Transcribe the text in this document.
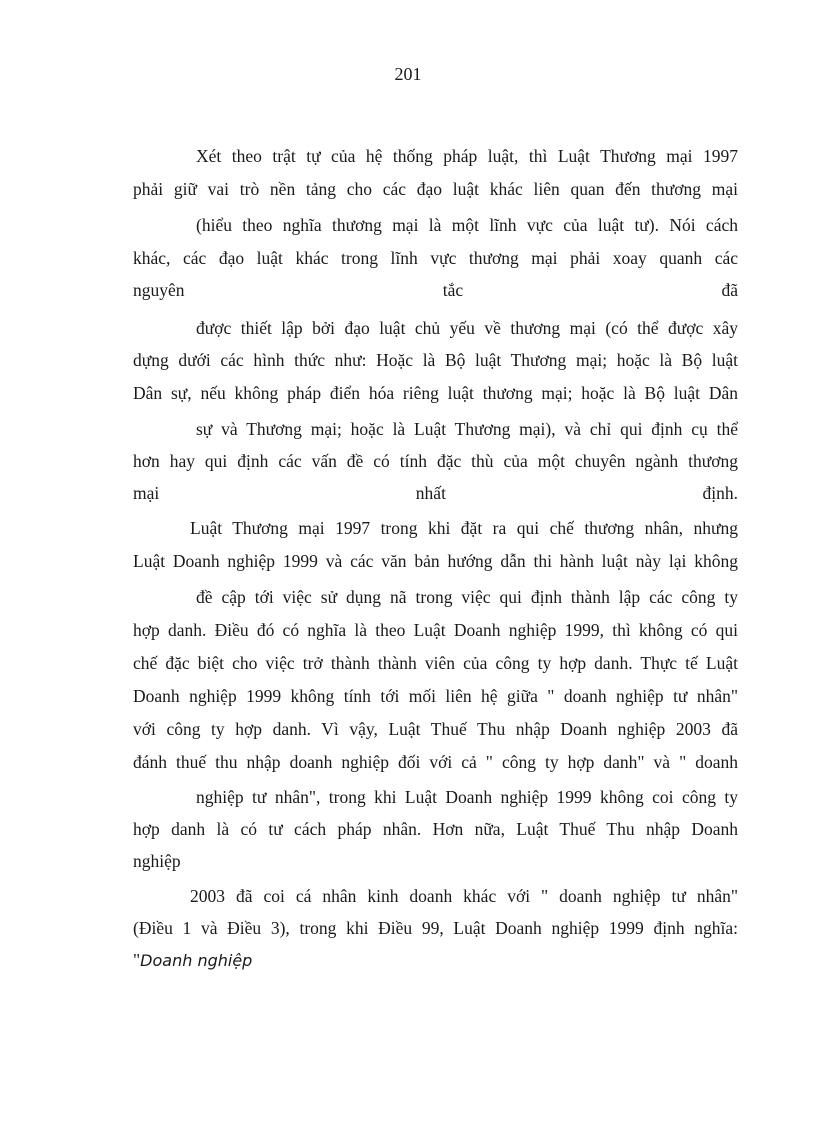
201
Xét theo trật tự của hệ thống pháp luật, thì Luật Thương mại 1997
phải giữ vai trò nền tảng cho các đạo luật khác liên quan đến thương mại
(hiểu theo nghĩa thương mại là một lĩnh vực của luật tư). Nói cách
khác, các đạo luật khác trong lĩnh vực thương mại phải xoay quanh các
nguyên	tắc	đã
được thiết lập bởi đạo luật chủ yếu về thương mại (có thể được xây
dựng dưới các hình thức như: Hoặc là Bộ luật Thương mại; hoặc là Bộ luật
Dân sự, nếu không pháp điển hóa riêng luật thương mại; hoặc là Bộ luật Dân
sự và Thương mại; hoặc là Luật Thương mại), và chỉ qui định cụ thể
hơn hay qui định các vấn đề có tính đặc thù của một chuyên ngành thương
mại	nhất	định.
Luật Thương mại 1997 trong khi đặt ra qui chế thương nhân, nhưng
Luật Doanh nghiệp 1999 và các văn bản hướng dẫn thi hành luật này lại không
đề cập tới việc sử dụng nã trong việc qui định thành lập các công ty
hợp danh. Điều đó có nghĩa là theo Luật Doanh nghiệp 1999, thì không có qui
chế đặc biệt cho việc trở thành thành viên của công ty hợp danh. Thực tế Luật
Doanh nghiệp 1999 không tính tới mối liên hệ giữa " doanh nghiệp tư nhân"
với công ty hợp danh. Vì vậy, Luật Thuế Thu nhập Doanh nghiệp 2003 đã
đánh thuế thu nhập doanh nghiệp đối với cả " công ty hợp danh" và " doanh
nghiệp tư nhân", trong khi Luật Doanh nghiệp 1999 không coi công ty
hợp danh là có tư cách pháp nhân. Hơn nữa, Luật Thuế Thu nhập Doanh
nghiệp
2003 đã coi cá nhân kinh doanh khác với " doanh nghiệp tư nhân"
(Điều 1 và Điều 3), trong khi Điều 99, Luật Doanh nghiệp 1999 định nghĩa:
"Doanh nghiệp
